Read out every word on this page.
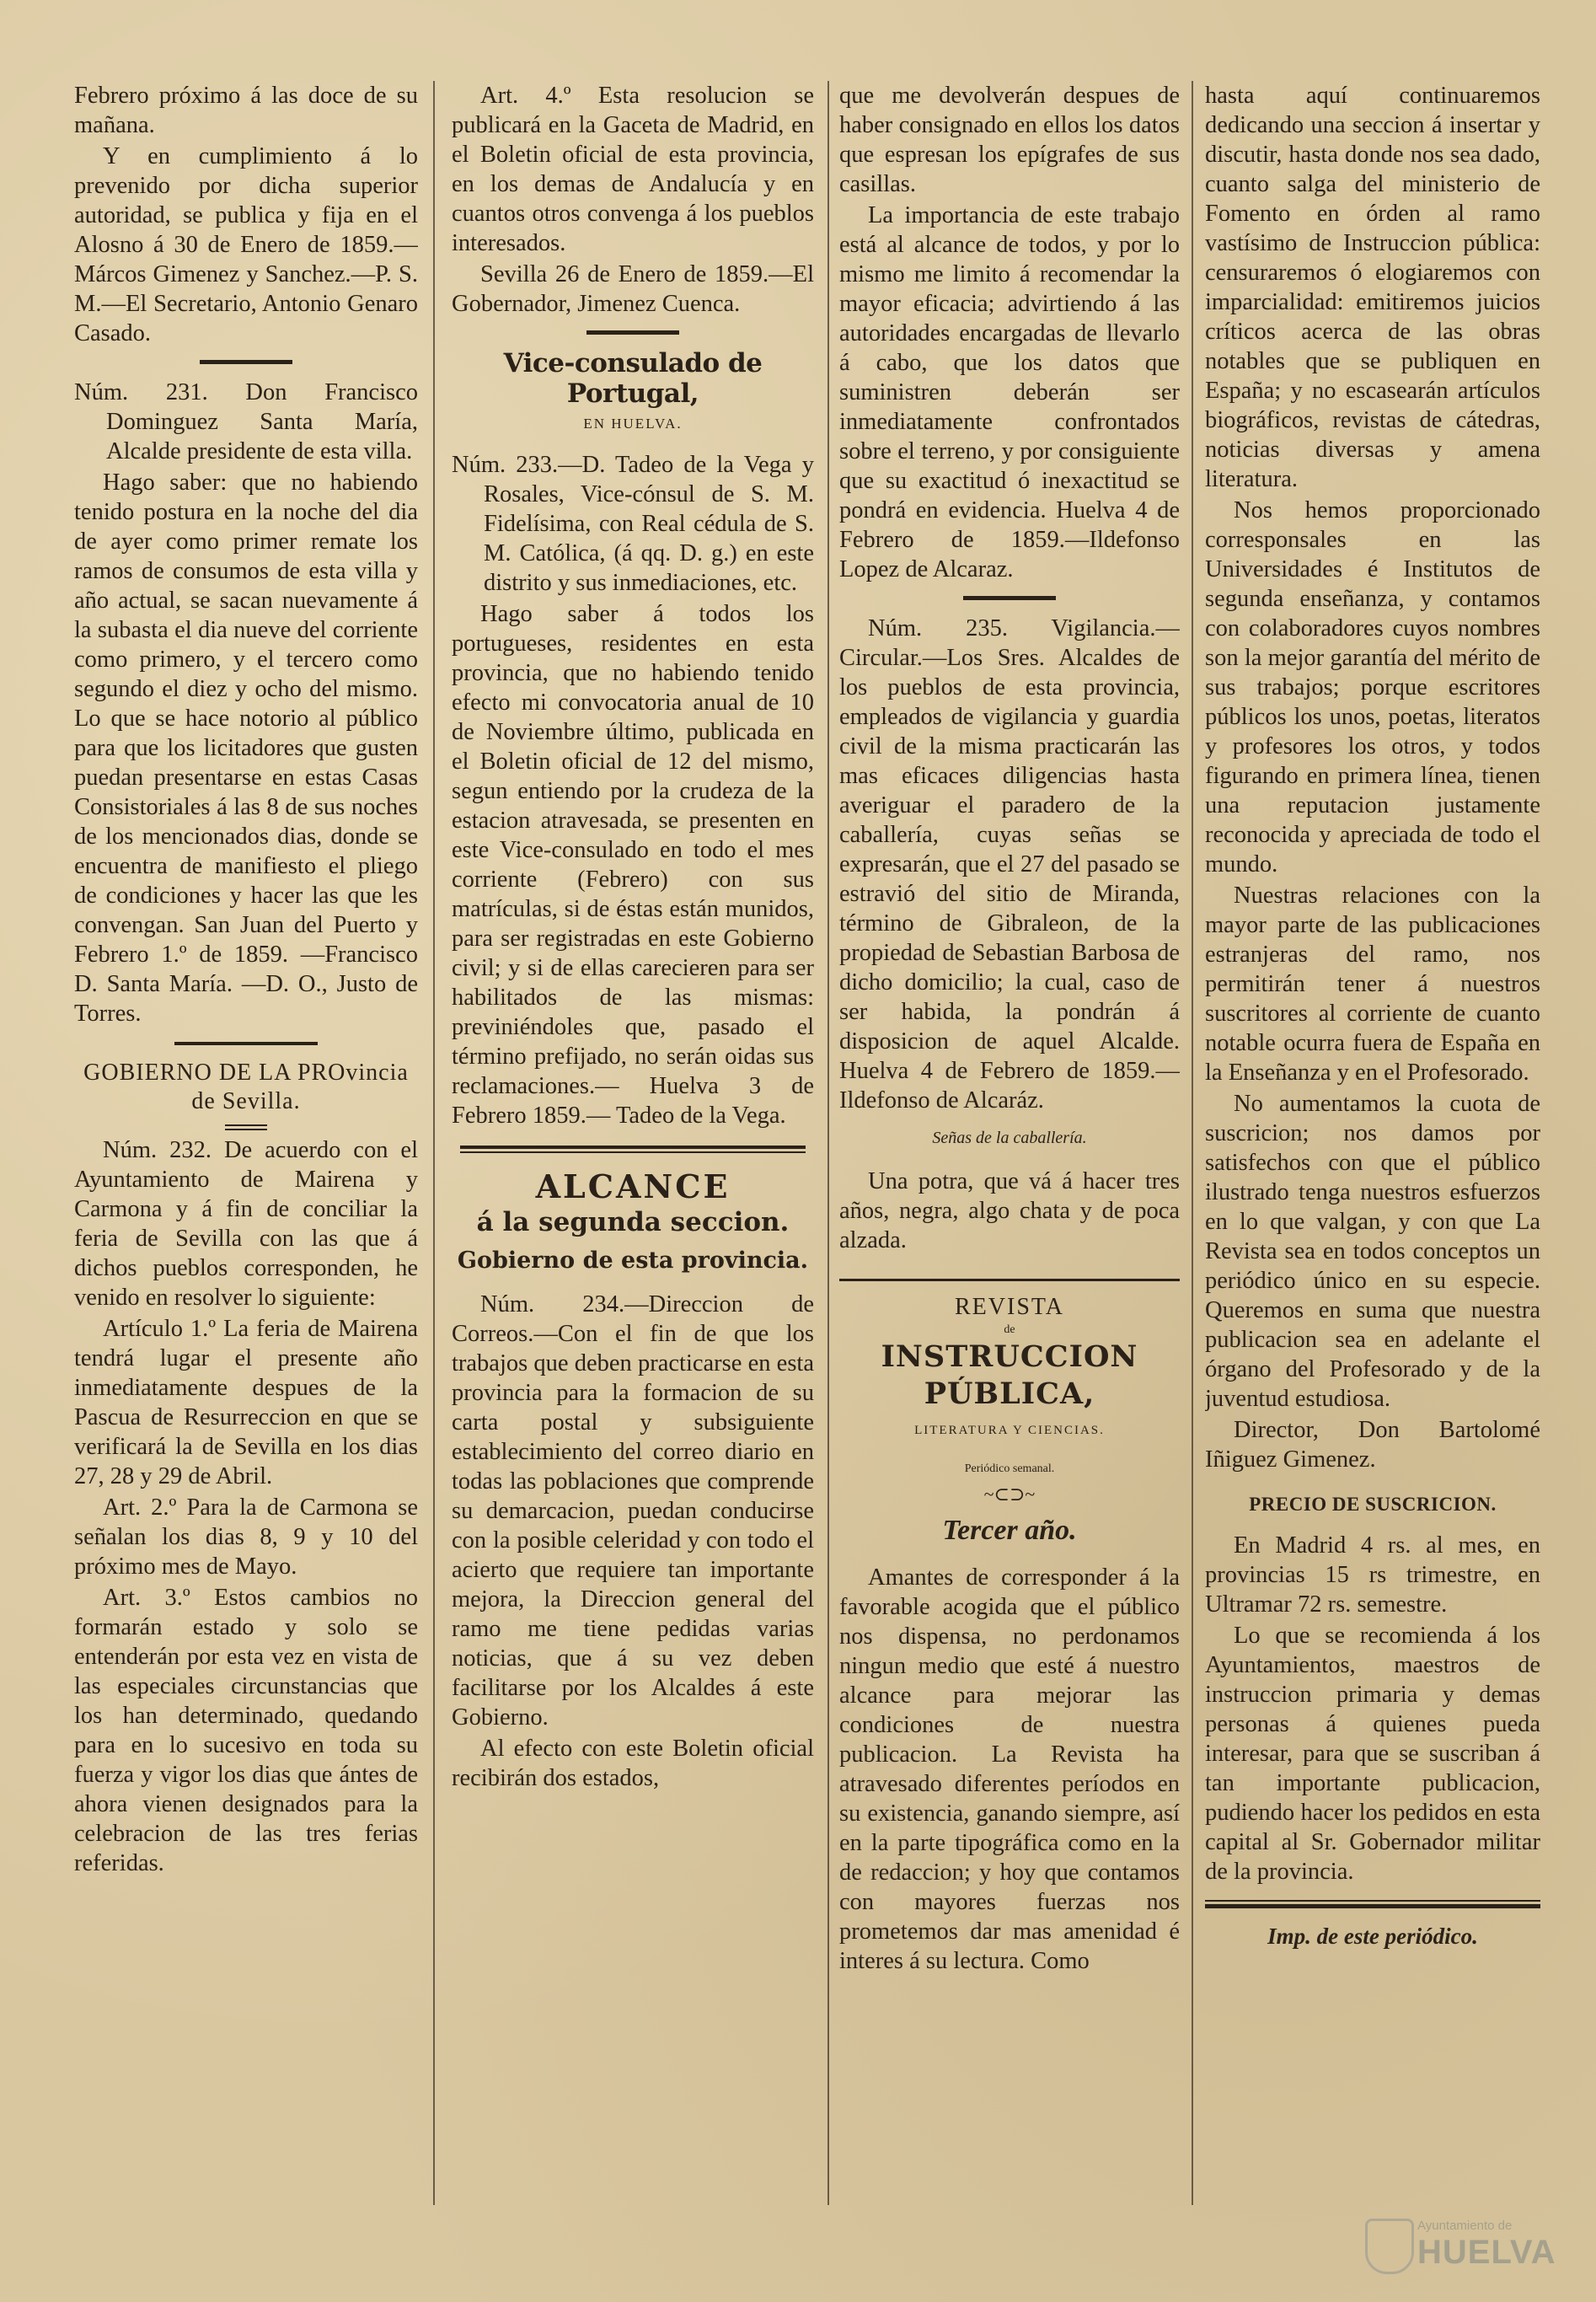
Febrero próximo á las doce de su mañana.

Y en cumplimiento á lo prevenido por dicha superior autoridad, se publica y fija en el Alosno á 30 de Enero de 1859.—Márcos Gimenez y Sanchez.—P. S. M.—El Secretario, Antonio Genaro Casado.

Núm. 231. Don Francisco Dominguez Santa María, Alcalde presidente de esta villa.

Hago saber: que no habiendo tenido postura en la noche del dia de ayer como primer remate los ramos de consumos de esta villa y año actual, se sacan nuevamente á la subasta el dia nueve del corriente como primero, y el tercero como segundo el diez y ocho del mismo. Lo que se hace notorio al público para que los licitadores que gusten puedan presentarse en estas Casas Consistoriales á las 8 de sus noches de los mencionados dias, donde se encuentra de manifiesto el pliego de condiciones y hacer las que les convengan. San Juan del Puerto y Febrero 1.º de 1859. —Francisco D. Santa María. —D. O., Justo de Torres.

GOBIERNO DE LA PROvincia de Sevilla.

Núm. 232. De acuerdo con el Ayuntamiento de Mairena y Carmona y á fin de conciliar la feria de Sevilla con las que á dichos pueblos corresponden, he venido en resolver lo siguiente:

Artículo 1.º La feria de Mairena tendrá lugar el presente año inmediatamente despues de la Pascua de Resurreccion en que se verificará la de Sevilla en los dias 27, 28 y 29 de Abril.

Art. 2.º Para la de Carmona se señalan los dias 8, 9 y 10 del próximo mes de Mayo.

Art. 3.º Estos cambios no formarán estado y solo se entenderán por esta vez en vista de las especiales circunstancias que los han determinado, quedando para en lo sucesivo en toda su fuerza y vigor los dias que ántes de ahora vienen designados para la celebracion de las tres ferias referidas.

Art. 4.º Esta resolucion se publicará en la Gaceta de Madrid, en el Boletin oficial de esta provincia, en los demas de Andalucía y en cuantos otros convenga á los pueblos interesados.

Sevilla 26 de Enero de 1859.—El Gobernador, Jimenez Cuenca.

Vice-consulado de Portugal,
EN HUELVA.

Núm. 233.—D. Tadeo de la Vega y Rosales, Vice-cónsul de S. M. Fidelísima, con Real cédula de S. M. Católica, (á qq. D. g.) en este distrito y sus inmediaciones, etc.

Hago saber á todos los portugueses, residentes en esta provincia, que no habiendo tenido efecto mi convocatoria anual de 10 de Noviembre último, publicada en el Boletin oficial de 12 del mismo, segun entiendo por la crudeza de la estacion atravesada, se presenten en este Vice-consulado en todo el mes corriente (Febrero) con sus matrículas, si de éstas están munidos, para ser registradas en este Gobierno civil; y si de ellas carecieren para ser habilitados de las mismas: previniéndoles que, pasado el término prefijado, no serán oidas sus reclamaciones.— Huelva 3 de Febrero 1859.— Tadeo de la Vega.

ALCANCE
á la segunda seccion.
Gobierno de esta provincia.

Núm. 234.—Direccion de Correos.—Con el fin de que los trabajos que deben practicarse en esta provincia para la formacion de su carta postal y subsiguiente establecimiento del correo diario en todas las poblaciones que comprende su demarcacion, puedan conducirse con la posible celeridad y con todo el acierto que requiere tan importante mejora, la Direccion general del ramo me tiene pedidas varias noticias, que á su vez deben facilitarse por los Alcaldes á este Gobierno.

Al efecto con este Boletin oficial recibirán dos estados,

que me devolverán despues de haber consignado en ellos los datos que espresan los epígrafes de sus casillas.

La importancia de este trabajo está al alcance de todos, y por lo mismo me limito á recomendar la mayor eficacia; advirtiendo á las autoridades encargadas de llevarlo á cabo, que los datos que suministren deberán ser inmediatamente confrontados sobre el terreno, y por consiguiente que su exactitud ó inexactitud se pondrá en evidencia. Huelva 4 de Febrero de 1859.—Ildefonso Lopez de Alcaraz.

Núm. 235. Vigilancia.—Circular.—Los Sres. Alcaldes de los pueblos de esta provincia, empleados de vigilancia y guardia civil de la misma practicarán las mas eficaces diligencias hasta averiguar el paradero de la caballería, cuyas señas se expresarán, que el 27 del pasado se estravió del sitio de Miranda, término de Gibraleon, de la propiedad de Sebastian Barbosa de dicho domicilio; la cual, caso de ser habida, la pondrán á disposicion de aquel Alcalde. Huelva 4 de Febrero de 1859.—Ildefonso de Alcaráz.

Señas de la caballería.

Una potra, que vá á hacer tres años, negra, algo chata y de poca alzada.

REVISTA
de
INSTRUCCION PÚBLICA,
LITERATURA Y CIENCIAS.
Periódico semanal.
~⊂⊃~
Tercer año.

Amantes de corresponder á la favorable acogida que el público nos dispensa, no perdonamos ningun medio que esté á nuestro alcance para mejorar las condiciones de nuestra publicacion. La Revista ha atravesado diferentes períodos en su existencia, ganando siempre, así en la parte tipográfica como en la de redaccion; y hoy que contamos con mayores fuerzas nos prometemos dar mas amenidad é interes á su lectura. Como

hasta aquí continuaremos dedicando una seccion á insertar y discutir, hasta donde nos sea dado, cuanto salga del ministerio de Fomento en órden al ramo vastísimo de Instruccion pública: censuraremos ó elogiaremos con imparcialidad: emitiremos juicios críticos acerca de las obras notables que se publiquen en España; y no escasearán artículos biográficos, revistas de cátedras, noticias diversas y amena literatura.

Nos hemos proporcionado corresponsales en las Universidades é Institutos de segunda enseñanza, y contamos con colaboradores cuyos nombres son la mejor garantía del mérito de sus trabajos; porque escritores públicos los unos, poetas, literatos y profesores los otros, y todos figurando en primera línea, tienen una reputacion justamente reconocida y apreciada de todo el mundo.

Nuestras relaciones con la mayor parte de las publicaciones estranjeras del ramo, nos permitirán tener á nuestros suscritores al corriente de cuanto notable ocurra fuera de España en la Enseñanza y en el Profesorado.

No aumentamos la cuota de suscricion; nos damos por satisfechos con que el público ilustrado tenga nuestros esfuerzos en lo que valgan, y con que La Revista sea en todos conceptos un periódico único en su especie. Queremos en suma que nuestra publicacion sea en adelante el órgano del Profesorado y de la juventud estudiosa.

Director, Don Bartolomé Iñiguez Gimenez.

PRECIO DE SUSCRICION.

En Madrid 4 rs. al mes, en provincias 15 rs trimestre, en Ultramar 72 rs. semestre.

Lo que se recomienda á los Ayuntamientos, maestros de instruccion primaria y demas personas á quienes pueda interesar, para que se suscriban á tan importante publicacion, pudiendo hacer los pedidos en esta capital al Sr. Gobernador militar de la provincia.

Imp. de este periódico.
Ayuntamiento de
HUELVA
